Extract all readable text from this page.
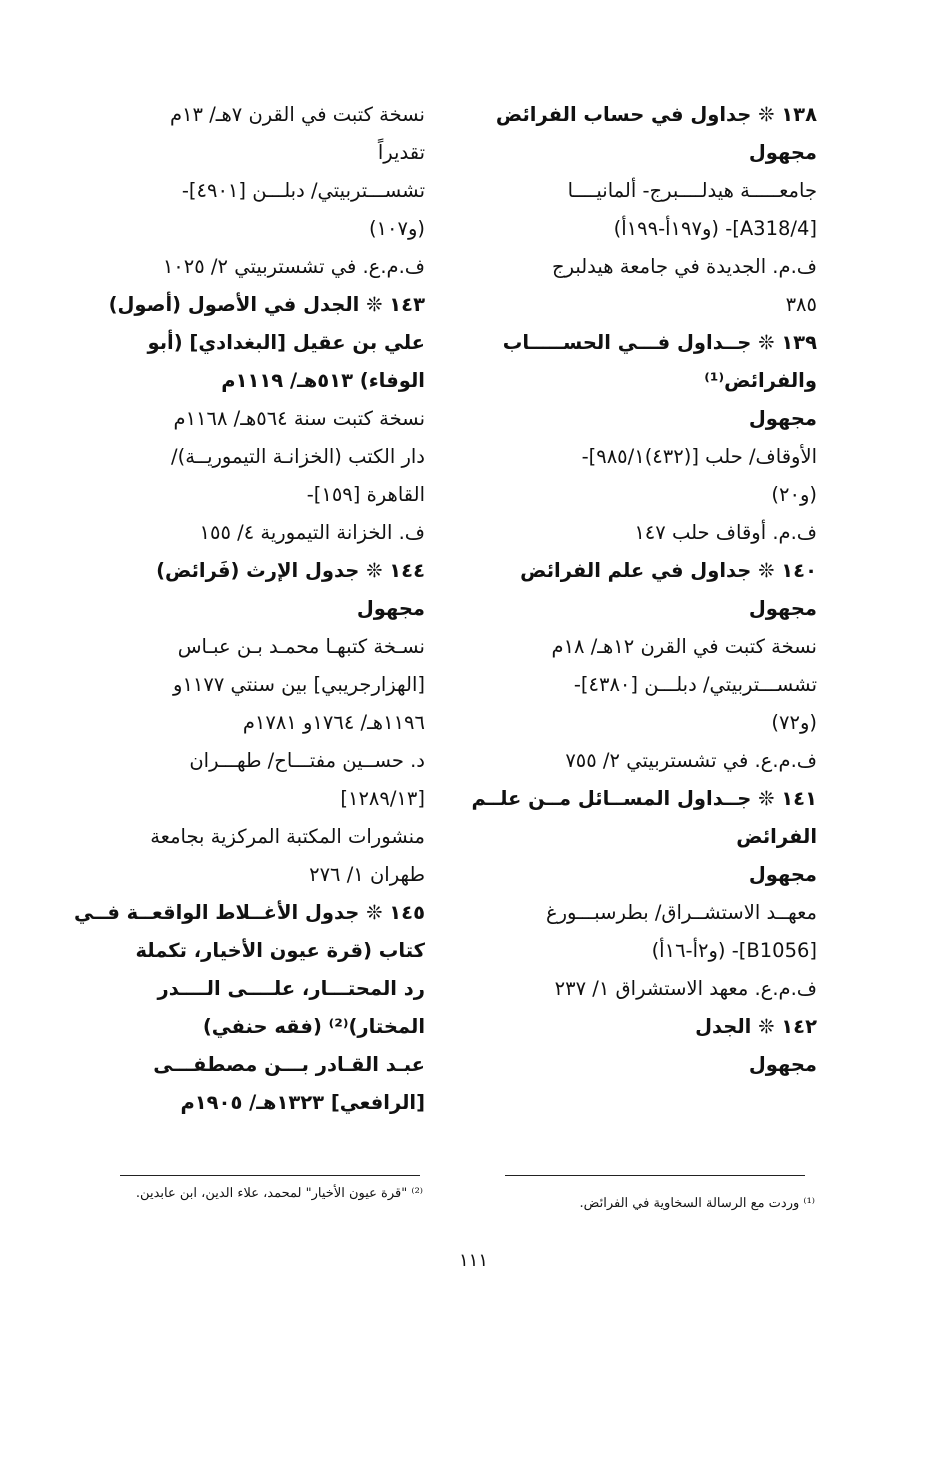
١٣٨ ❊ جداول في حساب الفرائض
مجهول
جامعـــــة هيدلــــبرج- ألمانيــــا
[A318/4]- (و١٩٧أ-١٩٩أ)
ف.م. الجديدة في جامعة هيدلبرج
٣٨٥
١٣٩ ❊ جــداول فـــي الحســـــاب
والفرائض⁽¹⁾
مجهول
الأوقاف/ حلب [(٤٣٢)٩٨٥/١]-
(و٢٠)
ف.م. أوقاف حلب ١٤٧
١٤٠ ❊ جداول في علم الفرائض
مجهول
نسخة كتبت في القرن ١٢هـ/ ١٨م
تشســـتربيتي/ دبلـــن [٤٣٨٠]-
(و٧٢)
ف.م.ع. في تشستربيتي ٢/ ٧٥٥
١٤١ ❊ جــداول المســائل مــن علــم
الفرائض
مجهول
معهــد الاستشــراق/ بطرسبـــورغ
[B1056]- (و٢أ-١٦أ)
ف.م.ع. معهد الاستشراق ١/ ٢٣٧
١٤٢ ❊ الجدل
مجهول
نسخة كتبت في القرن ٧هـ/ ١٣م
تقديراً
تشســـتربيتي/ دبلـــن [٤٩٠١]-
(و١٠٧)
ف.م.ع. في تشستربيتي ٢/ ١٠٢٥
١٤٣ ❊ الجدل في الأصول (أصول)
علي بن عقيل [البغدادي] (أبو
الوفاء) ٥١٣هـ/ ١١١٩م
نسخة كتبت سنة ٥٦٤هـ/ ١١٦٨م
دار الكتب (الخزانـة التيموريــة)/
القاهرة [١٥٩]-
ف. الخزانة التيمورية ٤/ ١٥٥
١٤٤ ❊ جدول الإرث (فَرائض)
مجهول
نسـخة كتبهـا محمـد بـن عبـاس
[الهزارجريبي] بين سنتي ١١٧٧و
١١٩٦هـ/ ١٧٦٤و ١٧٨١م
د. حســين مفتـــاح/ طهـــران
[١٢٨٩/١٣]
منشورات المكتبة المركزية بجامعة
طهران ١/ ٢٧٦
١٤٥ ❊ جدول الأغــلاط الواقعــة فــي
كتاب (قرة عيون الأخيار، تكملة
رد المحتـــار، علــــى الــــدر
المختار)⁽²⁾ (فقه حنفي)
عبـد القـادر بـــن مصطفـــى
[الرافعي] ١٣٢٣هـ/ ١٩٠٥م
⁽¹⁾ وردت مع الرسالة السخاوية في الفرائض.
⁽²⁾ "قرة عيون الأخيار" لمحمد، علاء الدين، ابن عابدين.
١١١
